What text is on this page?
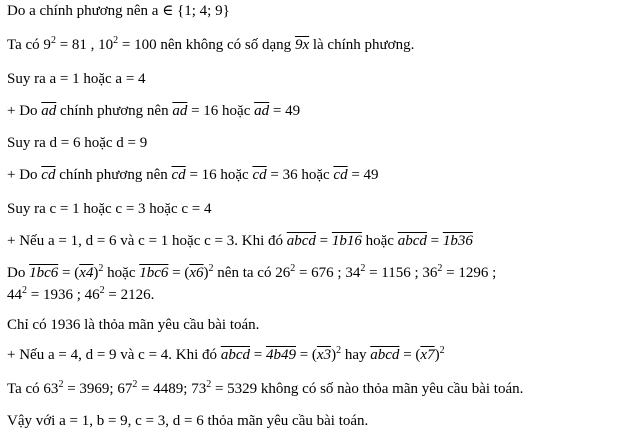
Do a chính phương nên a ∈ {1; 4; 9}
Ta có $9^2 = 81$ , $10^2 = 100$ nên không có số dạng 9x là chính phương.
Suy ra a = 1 hoặc a = 4
+ Do $\overline{ad}$ chính phương nên $\overline{ad} = 16$ hoặc $\overline{ad} = 49$
Suy ra d = 6 hoặc d = 9
+ Do $\overline{cd}$ chính phương nên $\overline{cd} = 16$ hoặc $\overline{cd} = 36$ hoặc $\overline{cd} = 49$
Suy ra c = 1 hoặc c = 3 hoặc c = 4
+ Nếu a = 1, d = 6 và c = 1 hoặc c = 3. Khi đó abcd = 1b16 hoặc abcd = 1b36
Do $1bc6 = (x4)^2$ hoặc $1bc6 = (x6)^2$ nên ta có $26^2 = 676$ ; $34^2 = 1156$ ; $36^2 = 1296$ ;
$44^2 = 1936$ ; $46^2 = 2126$.
Chỉ có 1936 là thỏa mãn yêu cầu bài toán.
+ Nếu a = 4, d = 9 và c = 4. Khi đó abcd = $4b49 = (x3)^2$ hay abcd = $(x7)^2$
Ta có $63^2 = 3969$; $67^2 = 4489$; $73^2 = 5329$ không có số nào thỏa mãn yêu cầu bài toán.
Vậy với a = 1, b = 9, c = 3, d = 6 thỏa mãn yêu cầu bài toán.
